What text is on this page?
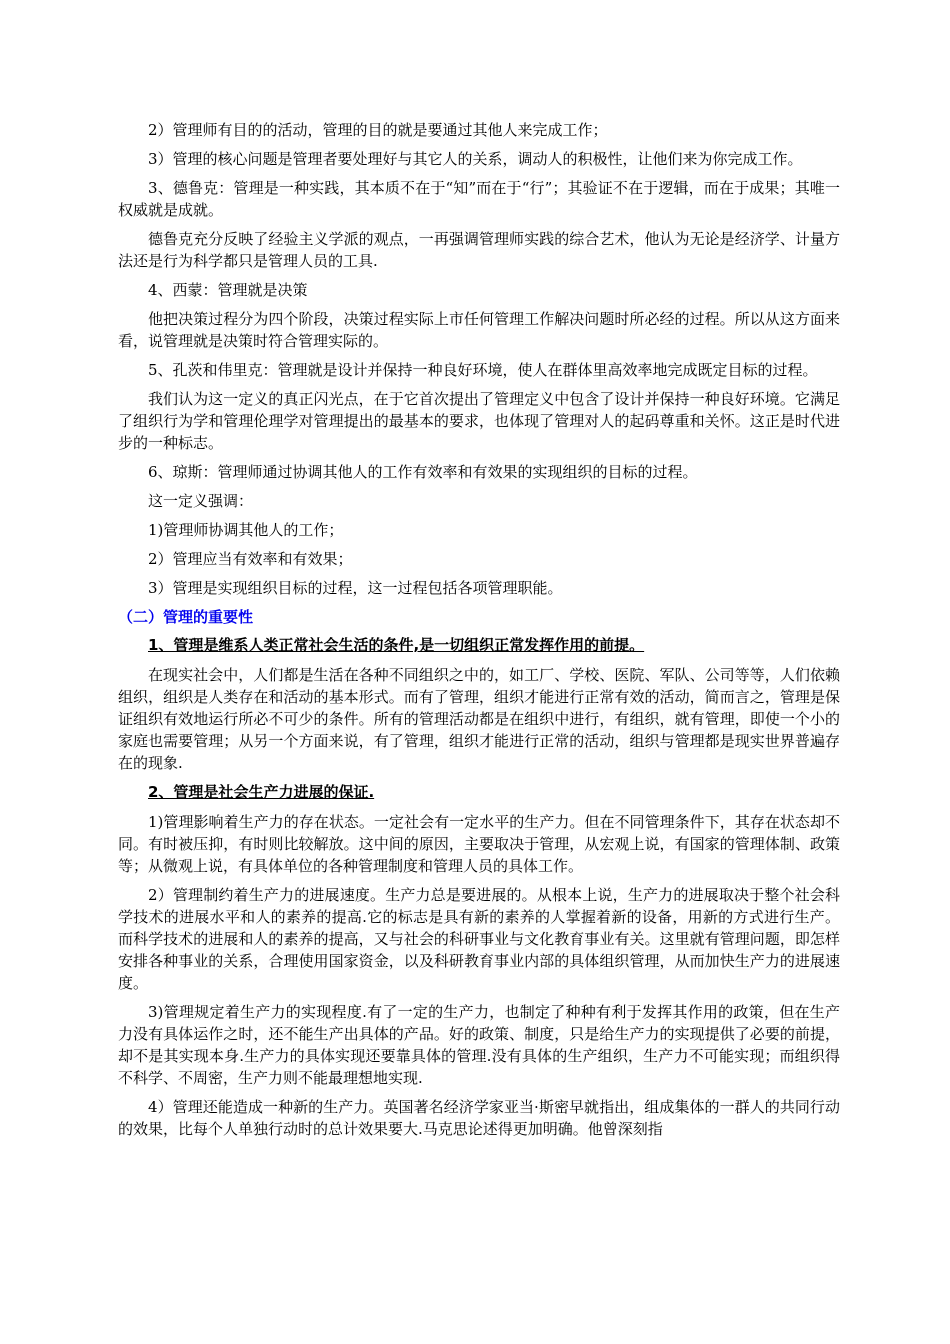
2）管理师有目的的活动，管理的目的就是要通过其他人来完成工作；

3）管理的核心问题是管理者要处理好与其它人的关系，调动人的积极性，让他们来为你完成工作。

3、德鲁克：管理是一种实践，其本质不在于“知”而在于“行”；其验证不在于逻辑，而在于成果；其唯一权威就是成就。

德鲁克充分反映了经验主义学派的观点，一再强调管理师实践的综合艺术，他认为无论是经济学、计量方法还是行为科学都只是管理人员的工具.

4、西蒙：管理就是决策

他把决策过程分为四个阶段，决策过程实际上市任何管理工作解决问题时所必经的过程。所以从这方面来看，说管理就是决策时符合管理实际的。

5、孔茨和伟里克：管理就是设计并保持一种良好环境，使人在群体里高效率地完成既定目标的过程。

我们认为这一定义的真正闪光点，在于它首次提出了管理定义中包含了设计并保持一种良好环境。它满足了组织行为学和管理伦理学对管理提出的最基本的要求，也体现了管理对人的起码尊重和关怀。这正是时代进步的一种标志。

6、琼斯：管理师通过协调其他人的工作有效率和有效果的实现组织的目标的过程。

这一定义强调：

1)管理师协调其他人的工作；

2）管理应当有效率和有效果；

3）管理是实现组织目标的过程，这一过程包括各项管理职能。

（二）管理的重要性
1、管理是维系人类正常社会生活的条件,是一切组织正常发挥作用的前提。

在现实社会中，人们都是生活在各种不同组织之中的，如工厂、学校、医院、军队、公司等等，人们依赖组织，组织是人类存在和活动的基本形式。而有了管理，组织才能进行正常有效的活动，简而言之，管理是保证组织有效地运行所必不可少的条件。所有的管理活动都是在组织中进行，有组织，就有管理，即使一个小的家庭也需要管理；从另一个方面来说，有了管理，组织才能进行正常的活动，组织与管理都是现实世界普遍存在的现象.

2、管理是社会生产力进展的保证.

1)管理影响着生产力的存在状态。一定社会有一定水平的生产力。但在不同管理条件下，其存在状态却不同。有时被压抑，有时则比较解放。这中间的原因，主要取决于管理，从宏观上说，有国家的管理体制、政策等；从微观上说，有具体单位的各种管理制度和管理人员的具体工作。

2）管理制约着生产力的进展速度。生产力总是要进展的。从根本上说，生产力的进展取决于整个社会科学技术的进展水平和人的素养的提高.它的标志是具有新的素养的人掌握着新的设备，用新的方式进行生产。而科学技术的进展和人的素养的提高，又与社会的科研事业与文化教育事业有关。这里就有管理问题，即怎样安排各种事业的关系，合理使用国家资金，以及科研教育事业内部的具体组织管理，从而加快生产力的进展速度。

3)管理规定着生产力的实现程度.有了一定的生产力，也制定了种种有利于发挥其作用的政策，但在生产力没有具体运作之时，还不能生产出具体的产品。好的政策、制度，只是给生产力的实现提供了必要的前提，却不是其实现本身.生产力的具体实现还要靠具体的管理.没有具体的生产组织，生产力不可能实现；而组织得不科学、不周密，生产力则不能最理想地实现.

4）管理还能造成一种新的生产力。英国著名经济学家亚当·斯密早就指出，组成集体的一群人的共同行动的效果，比每个人单独行动时的总计效果要大.马克思论述得更加明确。他曾深刻指
